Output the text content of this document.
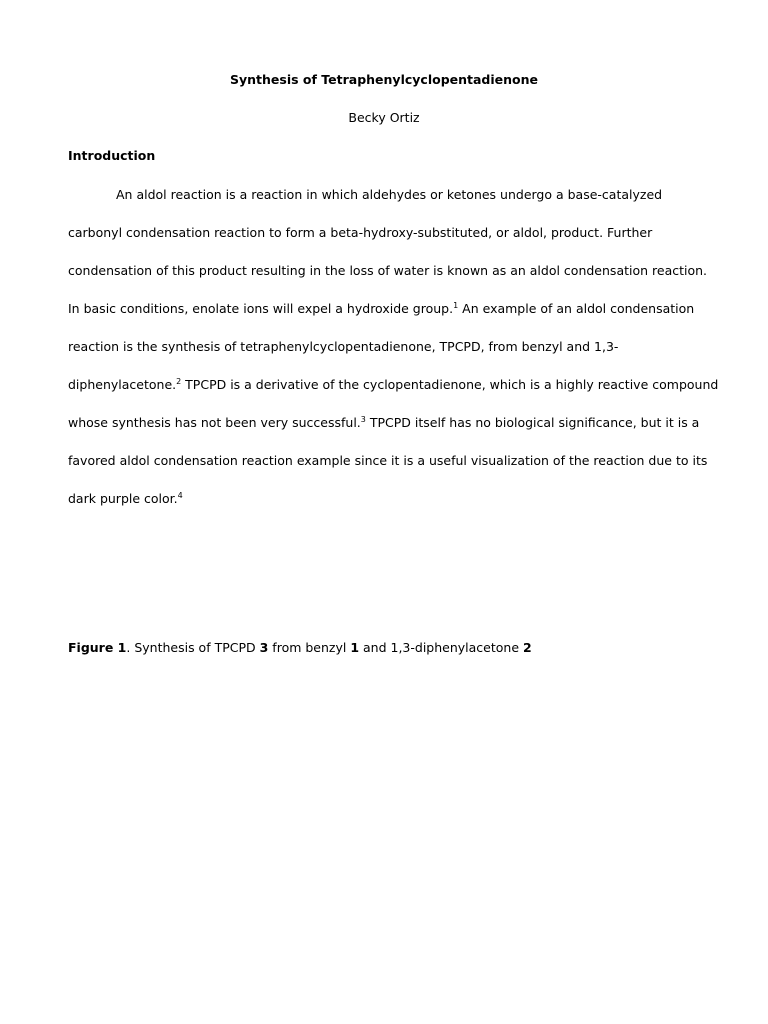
Synthesis of Tetraphenylcyclopentadienone

Becky Ortiz

Introduction

An aldol reaction is a reaction in which aldehydes or ketones undergo a base-catalyzed
carbonyl condensation reaction to form a beta-hydroxy-substituted, or aldol, product. Further
condensation of this product resulting in the loss of water is known as an aldol condensation reaction.
In basic conditions, enolate ions will expel a hydroxide group.$^1$ An example of an aldol condensation
reaction is the synthesis of tetraphenylcyclopentadienone, TPCPD, from benzyl and 1,3-
diphenylacetone.$^2$ TPCPD is a derivative of the cyclopentadienone, which is a highly reactive compound
whose synthesis has not been very successful.$^3$ TPCPD itself has no biological significance, but it is a
favored aldol condensation reaction example since it is a useful visualization of the reaction due to its
dark purple color.$^4$

Figure 1. Synthesis of TPCPD 3 from benzyl 1 and 1,3-diphenylacetone 2
